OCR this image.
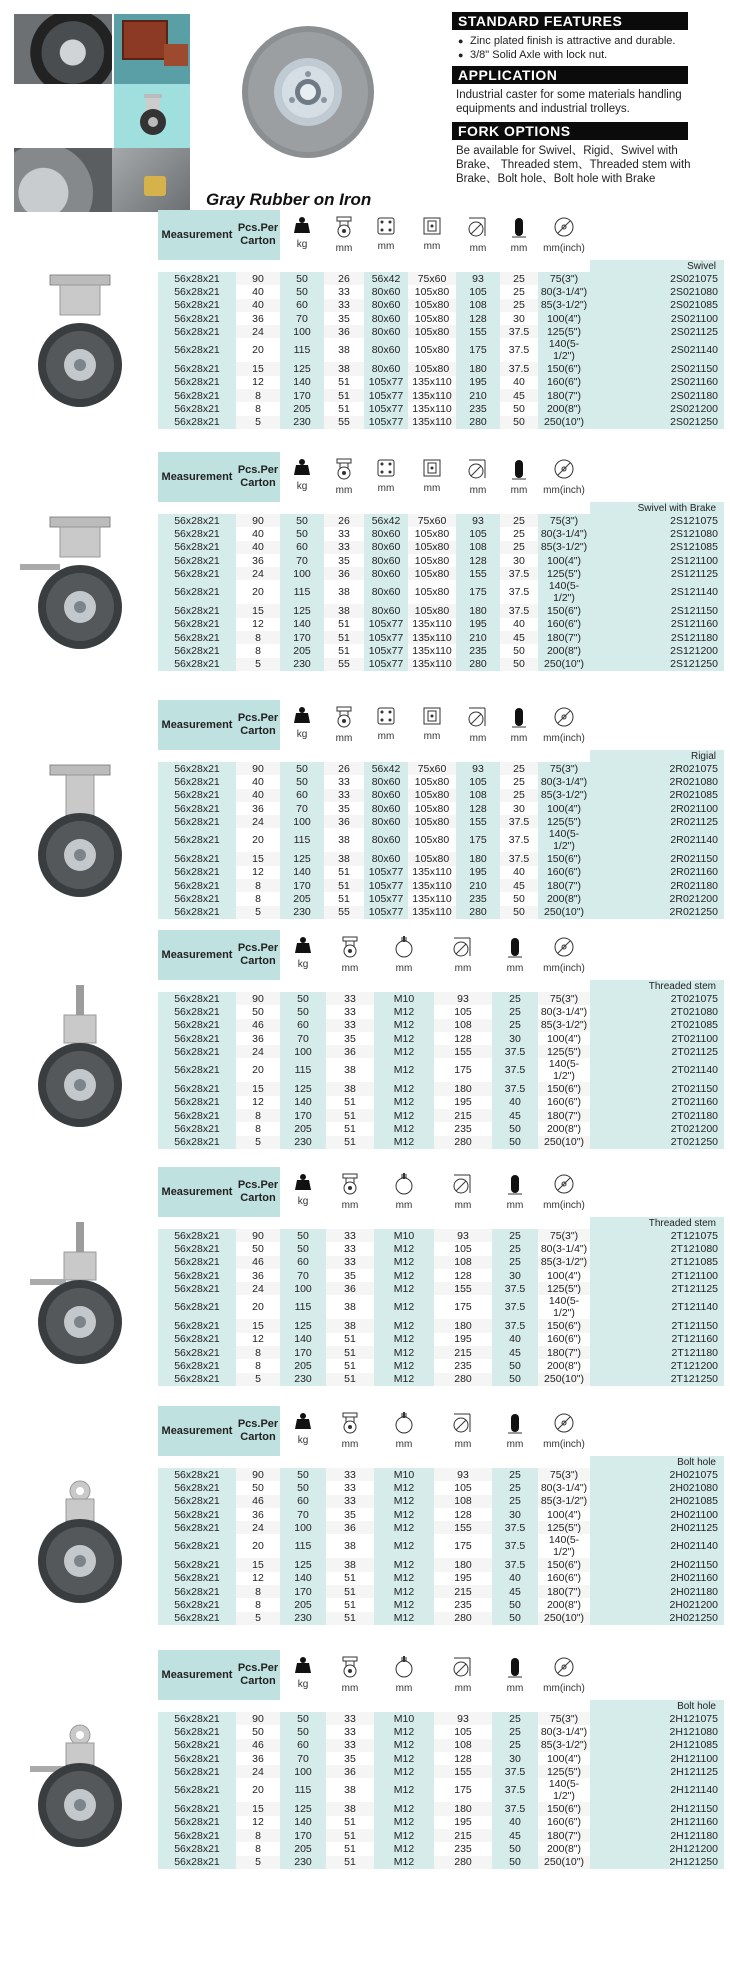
Gray Rubber on Iron
STANDARD FEATURES
● Zinc plated finish is attractive and durable.
● 3/8" Solid Axle with lock nut.
APPLICATION

Industrial caster for some materials handling equipments and industrial trolleys.

FORK OPTIONS

Be available for Swivel、Rigid、Swivel with Brake、 Threaded stem、Threaded stem with Brake、Bolt hole、Bolt hole with Brake

Measurement	Pcs.Per Carton	kg	mm	mm	mm	mm	mm	mm(inch)	

									Swivel
56x28x21	90	50	26	56x42	75x60	93	25	75(3")	2S021075
56x28x21	40	50	33	80x60	105x80	105	25	80(3-1/4")	2S021080
56x28x21	40	60	33	80x60	105x80	108	25	85(3-1/2")	2S021085
56x28x21	36	70	35	80x60	105x80	128	30	100(4")	2S021100
56x28x21	24	100	36	80x60	105x80	155	37.5	125(5")	2S021125
56x28x21	20	115	38	80x60	105x80	175	37.5	140(5-1/2")	2S021140
56x28x21	15	125	38	80x60	105x80	180	37.5	150(6")	2S021150
56x28x21	12	140	51	105x77	135x110	195	40	160(6")	2S021160
56x28x21	8	170	51	105x77	135x110	210	45	180(7")	2S021180
56x28x21	8	205	51	105x77	135x110	235	50	200(8")	2S021200
56x28x21	5	230	55	105x77	135x110	280	50	250(10")	2S021250
Measurement	Pcs.Per Carton	kg	mm	mm	mm	mm	mm	mm(inch)	

									Swivel with Brake
56x28x21	90	50	26	56x42	75x60	93	25	75(3")	2S121075
56x28x21	40	50	33	80x60	105x80	105	25	80(3-1/4")	2S121080
56x28x21	40	60	33	80x60	105x80	108	25	85(3-1/2")	2S121085
56x28x21	36	70	35	80x60	105x80	128	30	100(4")	2S121100
56x28x21	24	100	36	80x60	105x80	155	37.5	125(5")	2S121125
56x28x21	20	115	38	80x60	105x80	175	37.5	140(5-1/2")	2S121140
56x28x21	15	125	38	80x60	105x80	180	37.5	150(6")	2S121150
56x28x21	12	140	51	105x77	135x110	195	40	160(6")	2S121160
56x28x21	8	170	51	105x77	135x110	210	45	180(7")	2S121180
56x28x21	8	205	51	105x77	135x110	235	50	200(8")	2S121200
56x28x21	5	230	55	105x77	135x110	280	50	250(10")	2S121250
Measurement	Pcs.Per Carton	kg	mm	mm	mm	mm	mm	mm(inch)	

									Rigial
56x28x21	90	50	26	56x42	75x60	93	25	75(3")	2R021075
56x28x21	40	50	33	80x60	105x80	105	25	80(3-1/4")	2R021080
56x28x21	40	60	33	80x60	105x80	108	25	85(3-1/2")	2R021085
56x28x21	36	70	35	80x60	105x80	128	30	100(4")	2R021100
56x28x21	24	100	36	80x60	105x80	155	37.5	125(5")	2R021125
56x28x21	20	115	38	80x60	105x80	175	37.5	140(5-1/2")	2R021140
56x28x21	15	125	38	80x60	105x80	180	37.5	150(6")	2R021150
56x28x21	12	140	51	105x77	135x110	195	40	160(6")	2R021160
56x28x21	8	170	51	105x77	135x110	210	45	180(7")	2R021180
56x28x21	8	205	51	105x77	135x110	235	50	200(8")	2R021200
56x28x21	5	230	55	105x77	135x110	280	50	250(10")	2R021250
Measurement	Pcs.Per Carton	kg	mm	mm	mm	mm	mm(inch)	

								Threaded stem
56x28x21	90	50	33	M10	93	25	75(3")	2T021075
56x28x21	50	50	33	M12	105	25	80(3-1/4")	2T021080
56x28x21	46	60	33	M12	108	25	85(3-1/2")	2T021085
56x28x21	36	70	35	M12	128	30	100(4")	2T021100
56x28x21	24	100	36	M12	155	37.5	125(5")	2T021125
56x28x21	20	115	38	M12	175	37.5	140(5-1/2")	2T021140
56x28x21	15	125	38	M12	180	37.5	150(6")	2T021150
56x28x21	12	140	51	M12	195	40	160(6")	2T021160
56x28x21	8	170	51	M12	215	45	180(7")	2T021180
56x28x21	8	205	51	M12	235	50	200(8")	2T021200
56x28x21	5	230	51	M12	280	50	250(10")	2T021250
Measurement	Pcs.Per Carton	kg	mm	mm	mm	mm	mm(inch)	

								Threaded stem
56x28x21	90	50	33	M10	93	25	75(3")	2T121075
56x28x21	50	50	33	M12	105	25	80(3-1/4")	2T121080
56x28x21	46	60	33	M12	108	25	85(3-1/2")	2T121085
56x28x21	36	70	35	M12	128	30	100(4")	2T121100
56x28x21	24	100	36	M12	155	37.5	125(5")	2T121125
56x28x21	20	115	38	M12	175	37.5	140(5-1/2")	2T121140
56x28x21	15	125	38	M12	180	37.5	150(6")	2T121150
56x28x21	12	140	51	M12	195	40	160(6")	2T121160
56x28x21	8	170	51	M12	215	45	180(7")	2T121180
56x28x21	8	205	51	M12	235	50	200(8")	2T121200
56x28x21	5	230	51	M12	280	50	250(10")	2T121250
Measurement	Pcs.Per Carton	kg	mm	mm	mm	mm	mm(inch)	

								Bolt hole
56x28x21	90	50	33	M10	93	25	75(3")	2H021075
56x28x21	50	50	33	M12	105	25	80(3-1/4")	2H021080
56x28x21	46	60	33	M12	108	25	85(3-1/2")	2H021085
56x28x21	36	70	35	M12	128	30	100(4")	2H021100
56x28x21	24	100	36	M12	155	37.5	125(5")	2H021125
56x28x21	20	115	38	M12	175	37.5	140(5-1/2")	2H021140
56x28x21	15	125	38	M12	180	37.5	150(6")	2H021150
56x28x21	12	140	51	M12	195	40	160(6")	2H021160
56x28x21	8	170	51	M12	215	45	180(7")	2H021180
56x28x21	8	205	51	M12	235	50	200(8")	2H021200
56x28x21	5	230	51	M12	280	50	250(10")	2H021250
Measurement	Pcs.Per Carton	kg	mm	mm	mm	mm	mm(inch)	

								Bolt hole
56x28x21	90	50	33	M10	93	25	75(3")	2H121075
56x28x21	50	50	33	M12	105	25	80(3-1/4")	2H121080
56x28x21	46	60	33	M12	108	25	85(3-1/2")	2H121085
56x28x21	36	70	35	M12	128	30	100(4")	2H121100
56x28x21	24	100	36	M12	155	37.5	125(5")	2H121125
56x28x21	20	115	38	M12	175	37.5	140(5-1/2")	2H121140
56x28x21	15	125	38	M12	180	37.5	150(6")	2H121150
56x28x21	12	140	51	M12	195	40	160(6")	2H121160
56x28x21	8	170	51	M12	215	45	180(7")	2H121180
56x28x21	8	205	51	M12	235	50	200(8")	2H121200
56x28x21	5	230	51	M12	280	50	250(10")	2H121250
